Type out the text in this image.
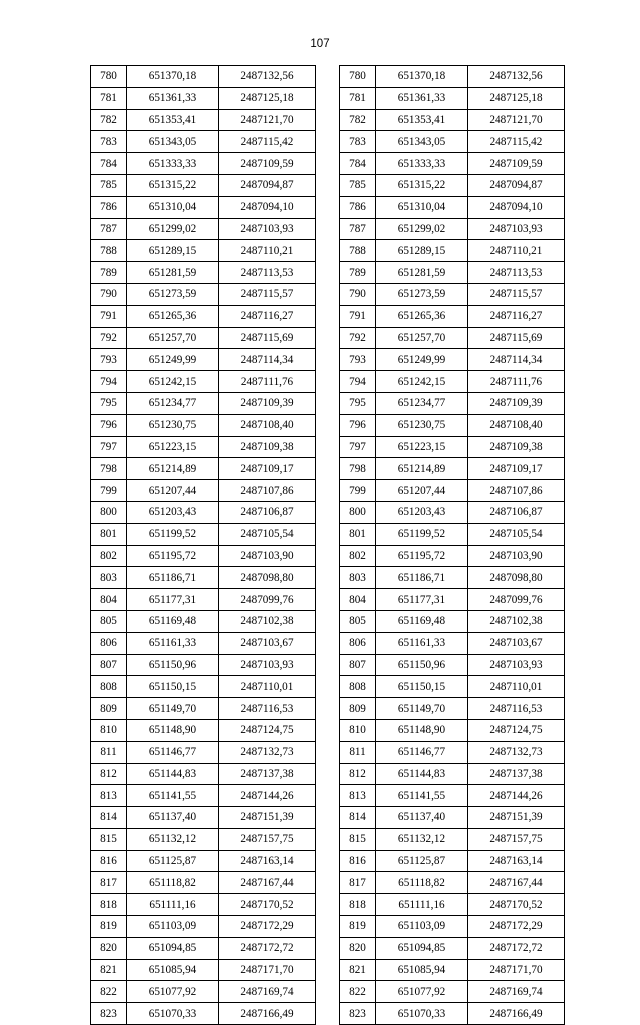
107
780	651370,18	2487132,56
781	651361,33	2487125,18
782	651353,41	2487121,70
783	651343,05	2487115,42
784	651333,33	2487109,59
785	651315,22	2487094,87
786	651310,04	2487094,10
787	651299,02	2487103,93
788	651289,15	2487110,21
789	651281,59	2487113,53
790	651273,59	2487115,57
791	651265,36	2487116,27
792	651257,70	2487115,69
793	651249,99	2487114,34
794	651242,15	2487111,76
795	651234,77	2487109,39
796	651230,75	2487108,40
797	651223,15	2487109,38
798	651214,89	2487109,17
799	651207,44	2487107,86
800	651203,43	2487106,87
801	651199,52	2487105,54
802	651195,72	2487103,90
803	651186,71	2487098,80
804	651177,31	2487099,76
805	651169,48	2487102,38
806	651161,33	2487103,67
807	651150,96	2487103,93
808	651150,15	2487110,01
809	651149,70	2487116,53
810	651148,90	2487124,75
811	651146,77	2487132,73
812	651144,83	2487137,38
813	651141,55	2487144,26
814	651137,40	2487151,39
815	651132,12	2487157,75
816	651125,87	2487163,14
817	651118,82	2487167,44
818	651111,16	2487170,52
819	651103,09	2487172,29
820	651094,85	2487172,72
821	651085,94	2487171,70
822	651077,92	2487169,74
823	651070,33	2487166,49
780	651370,18	2487132,56
781	651361,33	2487125,18
782	651353,41	2487121,70
783	651343,05	2487115,42
784	651333,33	2487109,59
785	651315,22	2487094,87
786	651310,04	2487094,10
787	651299,02	2487103,93
788	651289,15	2487110,21
789	651281,59	2487113,53
790	651273,59	2487115,57
791	651265,36	2487116,27
792	651257,70	2487115,69
793	651249,99	2487114,34
794	651242,15	2487111,76
795	651234,77	2487109,39
796	651230,75	2487108,40
797	651223,15	2487109,38
798	651214,89	2487109,17
799	651207,44	2487107,86
800	651203,43	2487106,87
801	651199,52	2487105,54
802	651195,72	2487103,90
803	651186,71	2487098,80
804	651177,31	2487099,76
805	651169,48	2487102,38
806	651161,33	2487103,67
807	651150,96	2487103,93
808	651150,15	2487110,01
809	651149,70	2487116,53
810	651148,90	2487124,75
811	651146,77	2487132,73
812	651144,83	2487137,38
813	651141,55	2487144,26
814	651137,40	2487151,39
815	651132,12	2487157,75
816	651125,87	2487163,14
817	651118,82	2487167,44
818	651111,16	2487170,52
819	651103,09	2487172,29
820	651094,85	2487172,72
821	651085,94	2487171,70
822	651077,92	2487169,74
823	651070,33	2487166,49
